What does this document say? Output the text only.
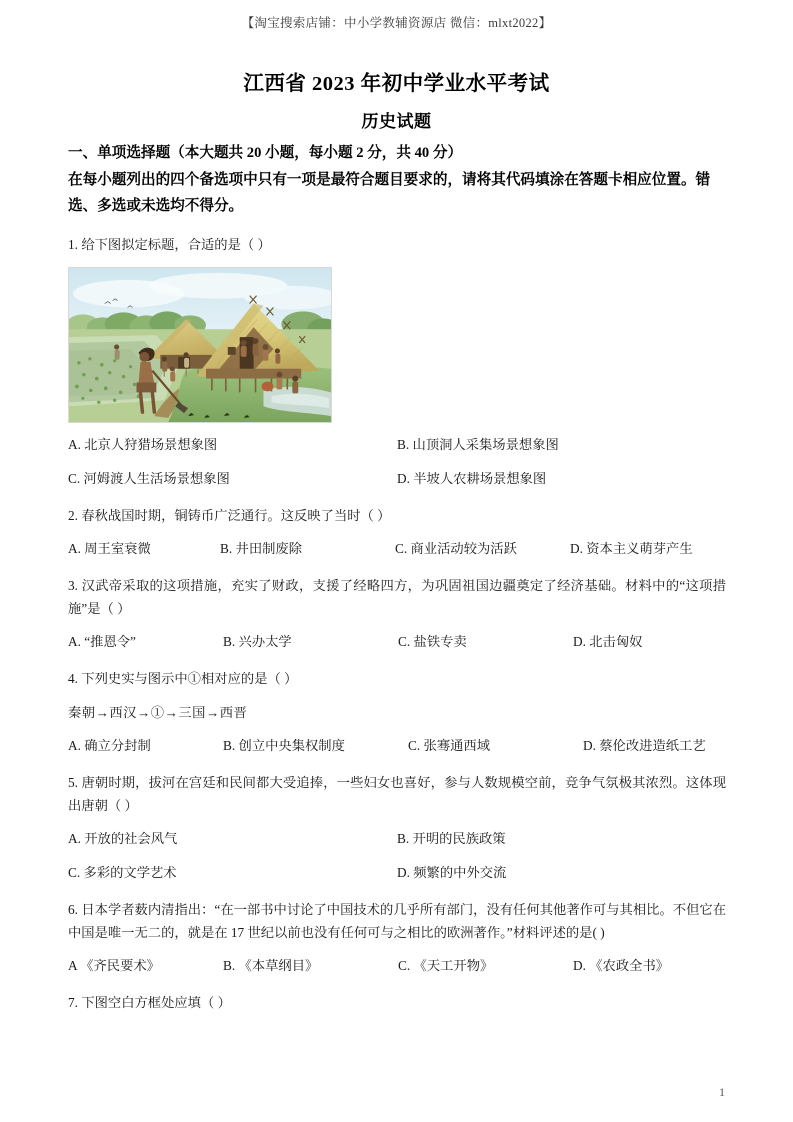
【淘宝搜索店铺：中小学教辅资源店 微信：mlxt2022】
江西省 2023 年初中学业水平考试
历史试题
一、单项选择题（本大题共 20 小题，每小题 2 分，共 40 分）
在每小题列出的四个备选项中只有一项是最符合题目要求的，请将其代码填涂在答题卡相应位置。错选、多选或未选均不得分。
1. 给下图拟定标题，合适的是（ ）
A. 北京人狩猎场景想象图	B. 山顶洞人采集场景想象图
C. 河姆渡人生活场景想象图	D. 半坡人农耕场景想象图
2. 春秋战国时期，铜铸币广泛通行。这反映了当时（ ）
A. 周王室衰微	B. 井田制废除	C. 商业活动较为活跃	D. 资本主义萌芽产生
3. 汉武帝采取的这项措施，充实了财政，支援了经略四方，为巩固祖国边疆奠定了经济基础。材料中的“这项措施”是（ ）
A. “推恩令”	B. 兴办太学	C. 盐铁专卖	D. 北击匈奴
4. 下列史实与图示中①相对应的是（ ）
秦朝→西汉→①→三国→西晋
A. 确立分封制	B. 创立中央集权制度	C. 张骞通西域	D. 蔡伦改进造纸工艺
5. 唐朝时期，拔河在宫廷和民间都大受追捧，一些妇女也喜好，参与人数规模空前，竞争气氛极其浓烈。这体现出唐朝（ ）
A. 开放的社会风气	B. 开明的民族政策
C. 多彩的文学艺术	D. 频繁的中外交流
6. 日本学者薮内清指出：“在一部书中讨论了中国技术的几乎所有部门，没有任何其他著作可与其相比。不但它在中国是唯一无二的，就是在 17 世纪以前也没有任何可与之相比的欧洲著作。”材料评述的是( )
A 《齐民要术》	B. 《本草纲目》	C. 《天工开物》	D. 《农政全书》
7. 下图空白方框处应填（ ）
1
